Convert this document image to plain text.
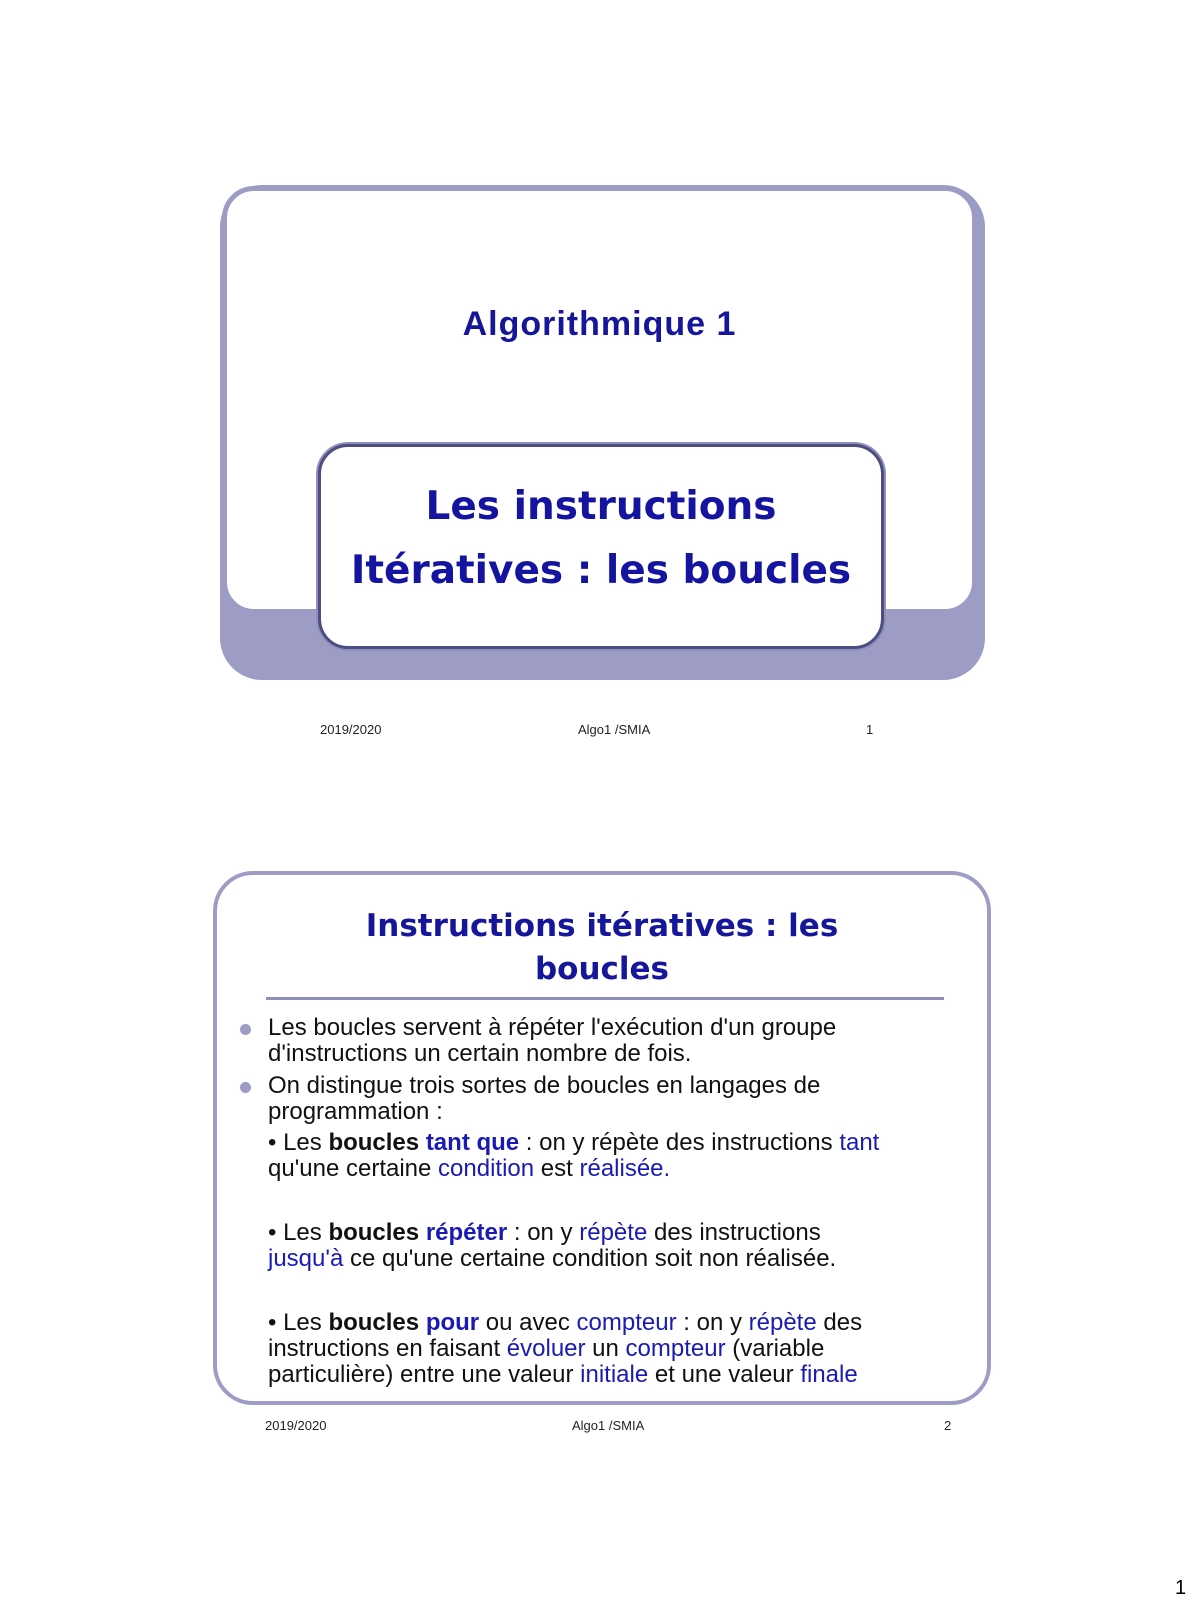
Algorithmique 1
Les instructions
Itératives : les boucles
2019/2020	Algo1 /SMIA	1
Instructions itératives : les
boucles
Les boucles servent à répéter l'exécution d'un groupe
d'instructions un certain nombre de fois.
On distingue trois sortes de boucles en langages de
programmation :
• Les boucles tant que : on y répète des instructions tant
qu'une certaine condition est réalisée.
• Les boucles répéter : on y répète des instructions
jusqu'à ce qu'une certaine condition soit non réalisée.
• Les boucles pour ou avec compteur : on y répète des
instructions en faisant évoluer un compteur (variable
particulière) entre une valeur initiale et une valeur finale
2019/2020	Algo1 /SMIA	2
1
